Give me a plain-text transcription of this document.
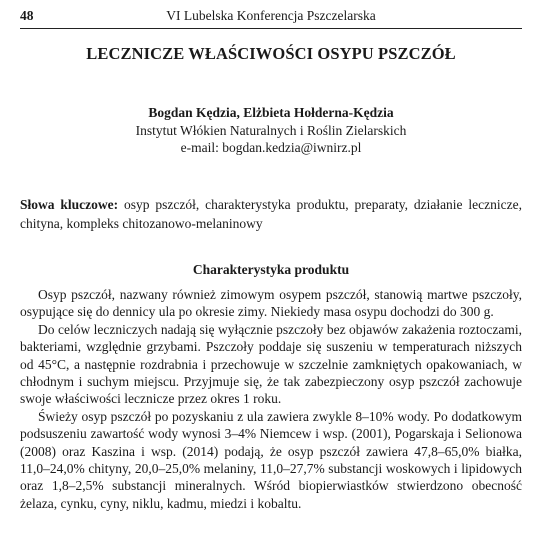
48	VI Lubelska Konferencja Pszczelarska
LECZNICZE WŁAŚCIWOŚCI OSYPU PSZCZÓŁ
Bogdan Kędzia, Elżbieta Hołderna-Kędzia
Instytut Włókien Naturalnych i Roślin Zielarskich
e-mail: bogdan.kedzia@iwnirz.pl
Słowa kluczowe: osyp pszczół, charakterystyka produktu, preparaty, działanie lecznicze, chityna, kompleks chitozanowo-melaninowy
Charakterystyka produktu

Osyp pszczół, nazwany również zimowym osypem pszczół, stanowią martwe pszczoły, osypujące się do dennicy ula po okresie zimy. Niekiedy masa osypu dochodzi do 300 g.

Do celów leczniczych nadają się wyłącznie pszczoły bez objawów zakażenia roztoczami, bakteriami, względnie grzybami. Pszczoły poddaje się suszeniu w temperaturach niższych od 45°C, a następnie rozdrabnia i przechowuje w szczelnie zamkniętych opakowaniach, w chłodnym i suchym miejscu. Przyjmuje się, że tak zabezpieczony osyp pszczół zachowuje swoje właściwości lecznicze przez okres 1 roku.

Świeży osyp pszczół po pozyskaniu z ula zawiera zwykle 8–10% wody. Po dodatkowym podsuszeniu zawartość wody wynosi 3–4% Niemcew i wsp. (2001), Pogarskaja i Selionowa (2008) oraz Kaszina i wsp. (2014) podają, że osyp pszczół zawiera 47,8–65,0% białka, 11,0–24,0% chityny, 20,0–25,0% melaniny, 11,0–27,7% substancji woskowych i lipidowych oraz 1,8–2,5% substancji mineralnych. Wśród biopierwiastków stwierdzono obecność żelaza, cynku, cyny, niklu, kadmu, miedzi i kobaltu.
